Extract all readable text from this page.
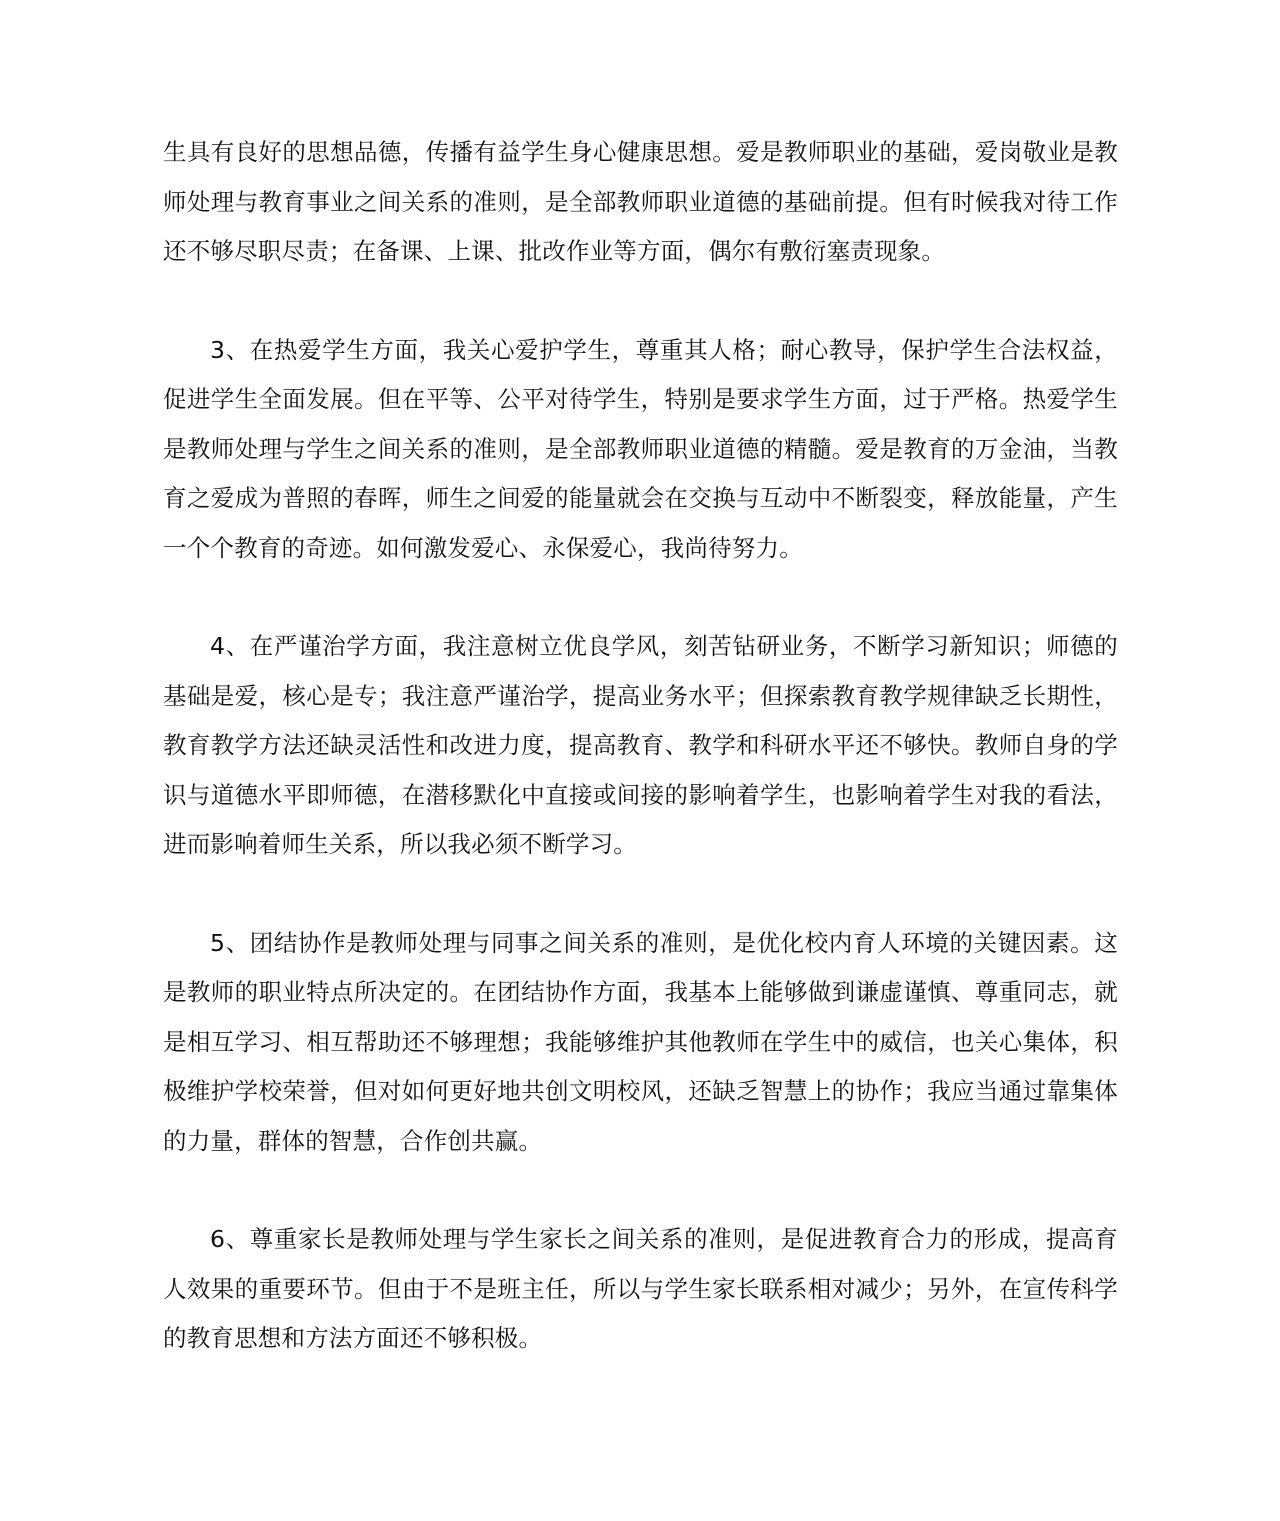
生具有良好的思想品德，传播有益学生身心健康思想。爱是教师职业的基础，爱岗敬业是教师处理与教育事业之间关系的准则，是全部教师职业道德的基础前提。但有时候我对待工作还不够尽职尽责；在备课、上课、批改作业等方面，偶尔有敷衍塞责现象。

3、在热爱学生方面，我关心爱护学生，尊重其人格；耐心教导，保护学生合法权益，促进学生全面发展。但在平等、公平对待学生，特别是要求学生方面，过于严格。热爱学生是教师处理与学生之间关系的准则，是全部教师职业道德的精髓。爱是教育的万金油，当教育之爱成为普照的春晖，师生之间爱的能量就会在交换与互动中不断裂变，释放能量，产生一个个教育的奇迹。如何激发爱心、永保爱心，我尚待努力。

4、在严谨治学方面，我注意树立优良学风，刻苦钻研业务，不断学习新知识；师德的基础是爱，核心是专；我注意严谨治学，提高业务水平；但探索教育教学规律缺乏长期性，教育教学方法还缺灵活性和改进力度，提高教育、教学和科研水平还不够快。教师自身的学识与道德水平即师德，在潜移默化中直接或间接的影响着学生，也影响着学生对我的看法，进而影响着师生关系，所以我必须不断学习。

5、团结协作是教师处理与同事之间关系的准则，是优化校内育人环境的关键因素。这是教师的职业特点所决定的。在团结协作方面，我基本上能够做到谦虚谨慎、尊重同志，就是相互学习、相互帮助还不够理想；我能够维护其他教师在学生中的威信，也关心集体，积极维护学校荣誉，但对如何更好地共创文明校风，还缺乏智慧上的协作；我应当通过靠集体的力量，群体的智慧，合作创共赢。

6、尊重家长是教师处理与学生家长之间关系的准则，是促进教育合力的形成，提高育人效果的重要环节。但由于不是班主任，所以与学生家长联系相对减少；另外，在宣传科学的教育思想和方法方面还不够积极。
